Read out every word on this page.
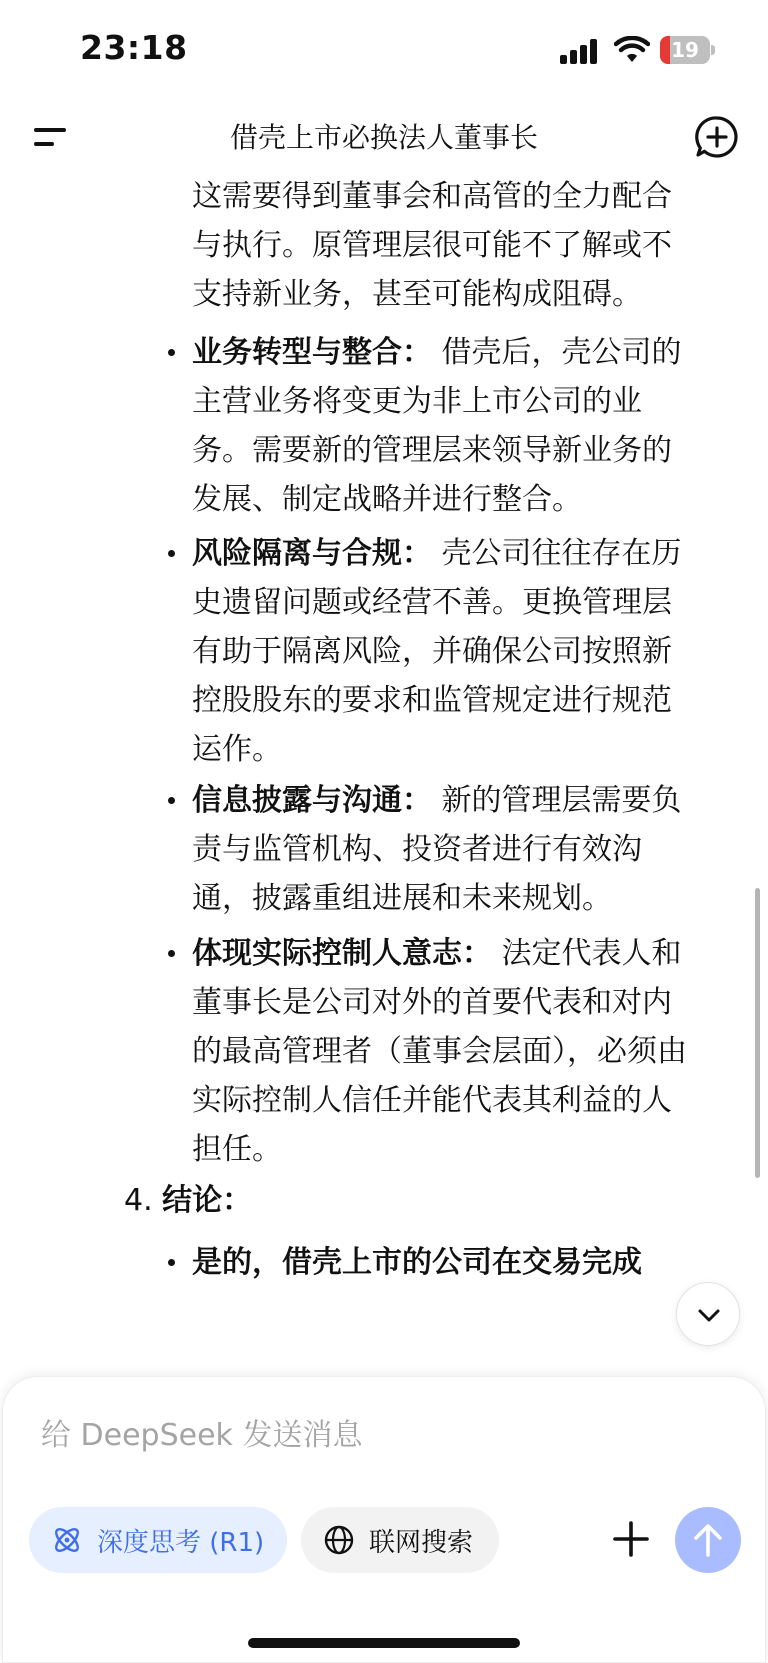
23:18	19
借壳上市必换法人董事长
这需要得到董事会和高管的全力配合
与执行。原管理层很可能不了解或不
支持新业务，甚至可能构成阻碍。
业务转型与整合： 借壳后，壳公司的
主营业务将变更为非上市公司的业
务。需要新的管理层来领导新业务的
发展、制定战略并进行整合。
风险隔离与合规： 壳公司往往存在历
史遗留问题或经营不善。更换管理层
有助于隔离风险，并确保公司按照新
控股股东的要求和监管规定进行规范
运作。
信息披露与沟通： 新的管理层需要负
责与监管机构、投资者进行有效沟
通，披露重组进展和未来规划。
体现实际控制人意志： 法定代表人和
董事长是公司对外的首要代表和对内
的最高管理者（董事会层面），必须由
实际控制人信任并能代表其利益的人
担任。
4. 结论：
是的，借壳上市的公司在交易完成
给 DeepSeek 发送消息
深度思考 (R1)	联网搜索
